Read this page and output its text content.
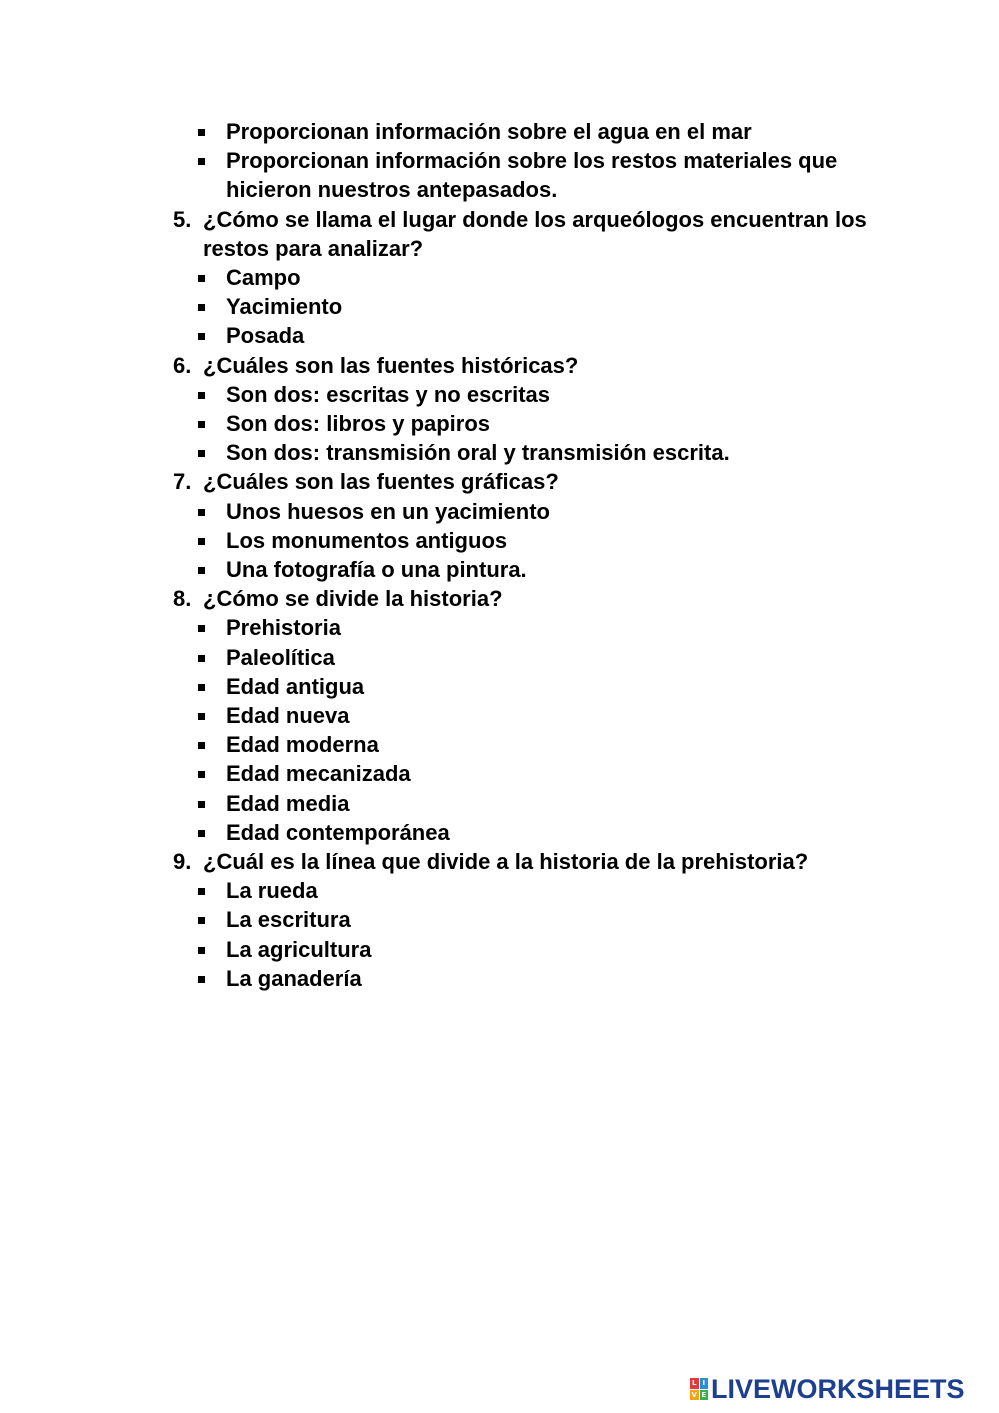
Proporcionan información sobre el agua en el mar
Proporcionan información sobre los restos materiales que
hicieron nuestros antepasados.
5. ¿Cómo se llama el lugar donde los arqueólogos encuentran los
restos para analizar?
Campo
Yacimiento
Posada
6. ¿Cuáles son las fuentes históricas?
Son dos: escritas y no escritas
Son dos: libros y papiros
Son dos: transmisión oral y transmisión escrita.
7. ¿Cuáles son las fuentes gráficas?
Unos huesos en un yacimiento
Los monumentos antiguos
Una fotografía o una pintura.
8. ¿Cómo se divide la historia?
Prehistoria
Paleolítica
Edad antigua
Edad nueva
Edad moderna
Edad mecanizada
Edad media
Edad contemporánea
9. ¿Cuál es la línea que divide a la historia de la prehistoria?
La rueda
La escritura
La agricultura
La ganadería
L I
V E LIVEWORKSHEETS
